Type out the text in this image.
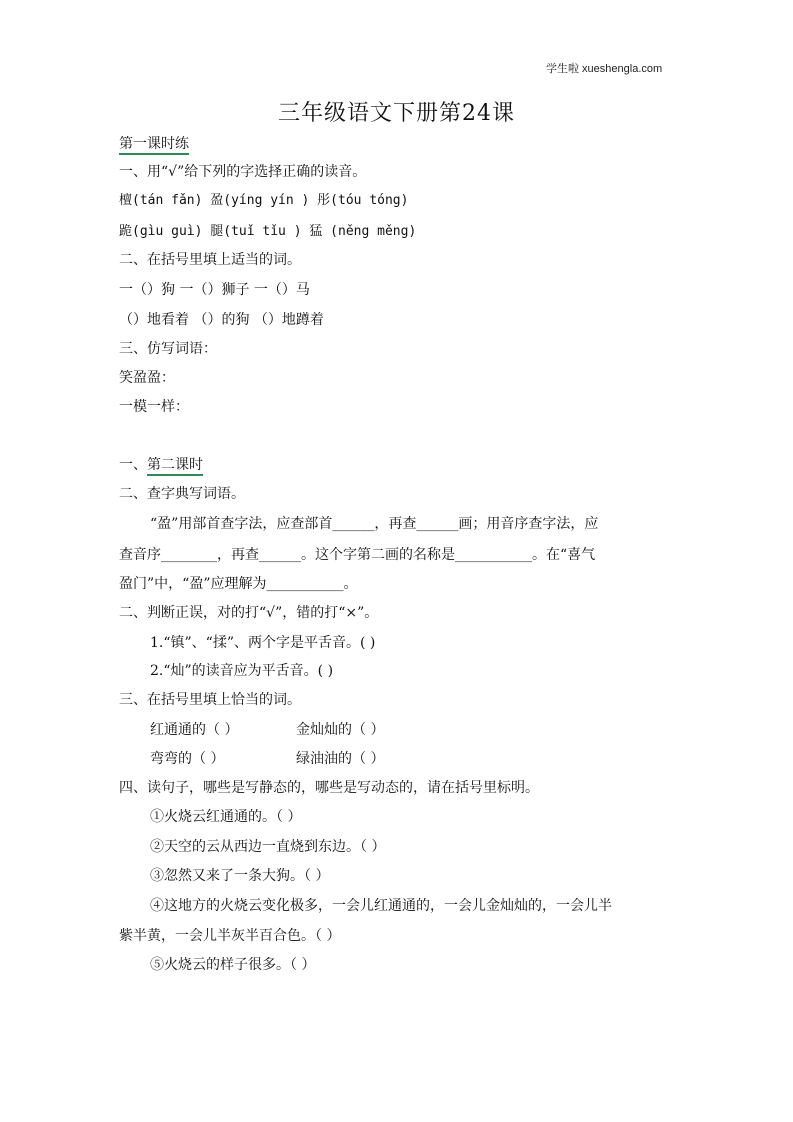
学生啦 xueshengla.com
三年级语文下册第24课
第一课时练
一、用“√”给下列的字选择正确的读音。
檀(tán fǎn) 盈(yíng yín ) 彤(tóu tóng)
跪(gìu guì) 腿(tuǐ tǐu ) 猛 (něng měng)
二、在括号里填上适当的词。
一（）狗 一（）狮子 一（）马
（）地看着 （）的狗 （）地蹲着
三、仿写词语：
笑盈盈：
一模一样：
一、第二课时
二、查字典写词语。
“盈”用部首查字法，应查部首______，再查______画；用音序查字法，应
查音序________，再查______。这个字第二画的名称是___________。在“喜气
盈门”中，“盈”应理解为___________。
二、判断正误，对的打“√”，错的打“×”。
1.“镇”、“揉”、两个字是平舌音。( )
2.“灿”的读音应为平舌音。( )
三、在括号里填上恰当的词。
红通通的（ ）	金灿灿的（ ）
弯弯的（ ）	绿油油的（ ）
四、读句子，哪些是写静态的，哪些是写动态的，请在括号里标明。
①火烧云红通通的。（ ）
②天空的云从西边一直烧到东边。（ ）
③忽然又来了一条大狗。（ ）
④这地方的火烧云变化极多，一会儿红通通的，一会儿金灿灿的，一会儿半
紫半黄，一会儿半灰半百合色。（ ）
⑤火烧云的样子很多。（ ）
